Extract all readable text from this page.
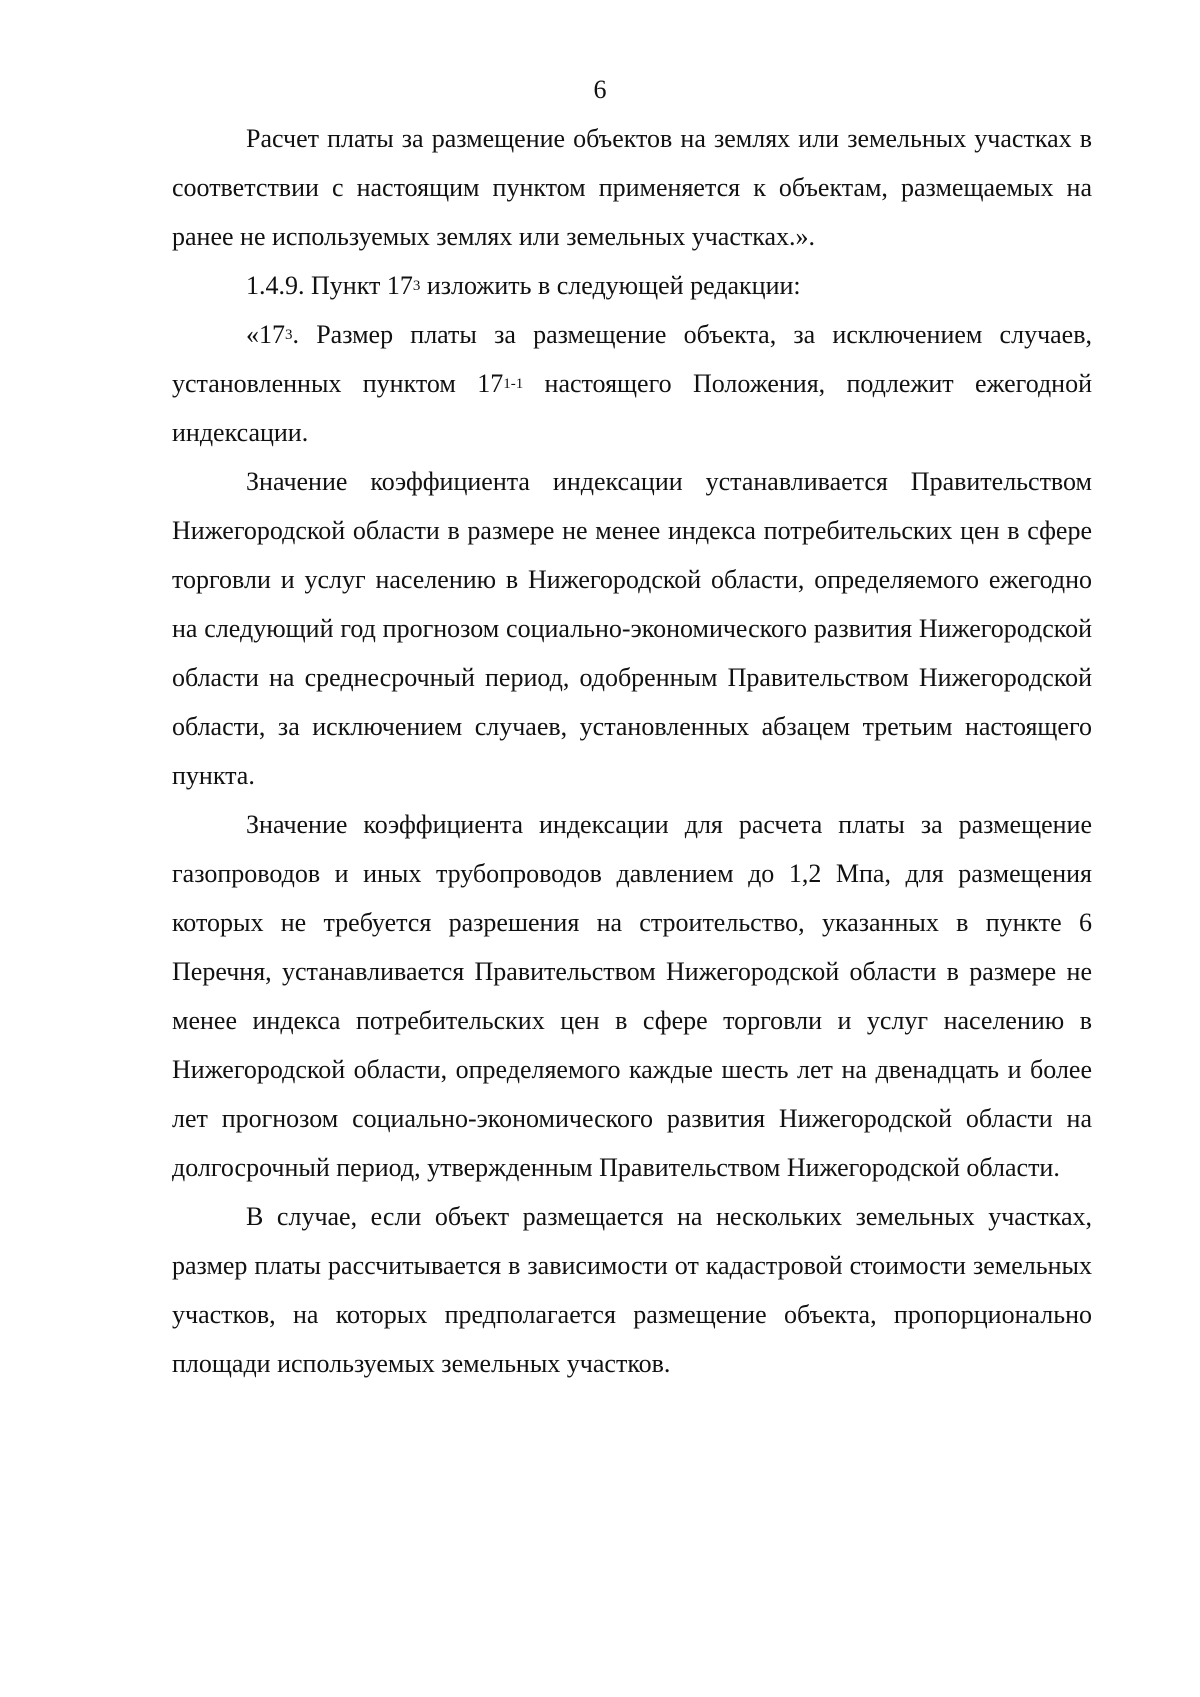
6

Расчет платы за размещение объектов на землях или земельных участках в соответствии с настоящим пунктом применяется к объектам, размещаемых на ранее не используемых землях или земельных участках.».

1.4.9. Пункт $17^3$ изложить в следующей редакции:

«$17^3$. Размер платы за размещение объекта, за исключением случаев, установленных пунктом 17$^{1-1}$ настоящего Положения, подлежит ежегодной индексации.

Значение коэффициента индексации устанавливается Правительством Нижегородской области в размере не менее индекса потребительских цен в сфере торговли и услуг населению в Нижегородской области, определяемого ежегодно на следующий год прогнозом социально-экономического развития Нижегородской области на среднесрочный период, одобренным Правительством Нижегородской области, за исключением случаев, установленных абзацем третьим настоящего пункта.

Значение коэффициента индексации для расчета платы за размещение газопроводов и иных трубопроводов давлением до 1,2 Мпа, для размещения которых не требуется разрешения на строительство, указанных в пункте 6 Перечня, устанавливается Правительством Нижегородской области в размере не менее индекса потребительских цен в сфере торговли и услуг населению в Нижегородской области, определяемого каждые шесть лет на двенадцать и более лет прогнозом социально-экономического развития Нижегородской области на долгосрочный период, утвержденным Правительством Нижегородской области.

В случае, если объект размещается на нескольких земельных участках, размер платы рассчитывается в зависимости от кадастровой стоимости земельных участков, на которых предполагается размещение объекта, пропорционально площади используемых земельных участков.
